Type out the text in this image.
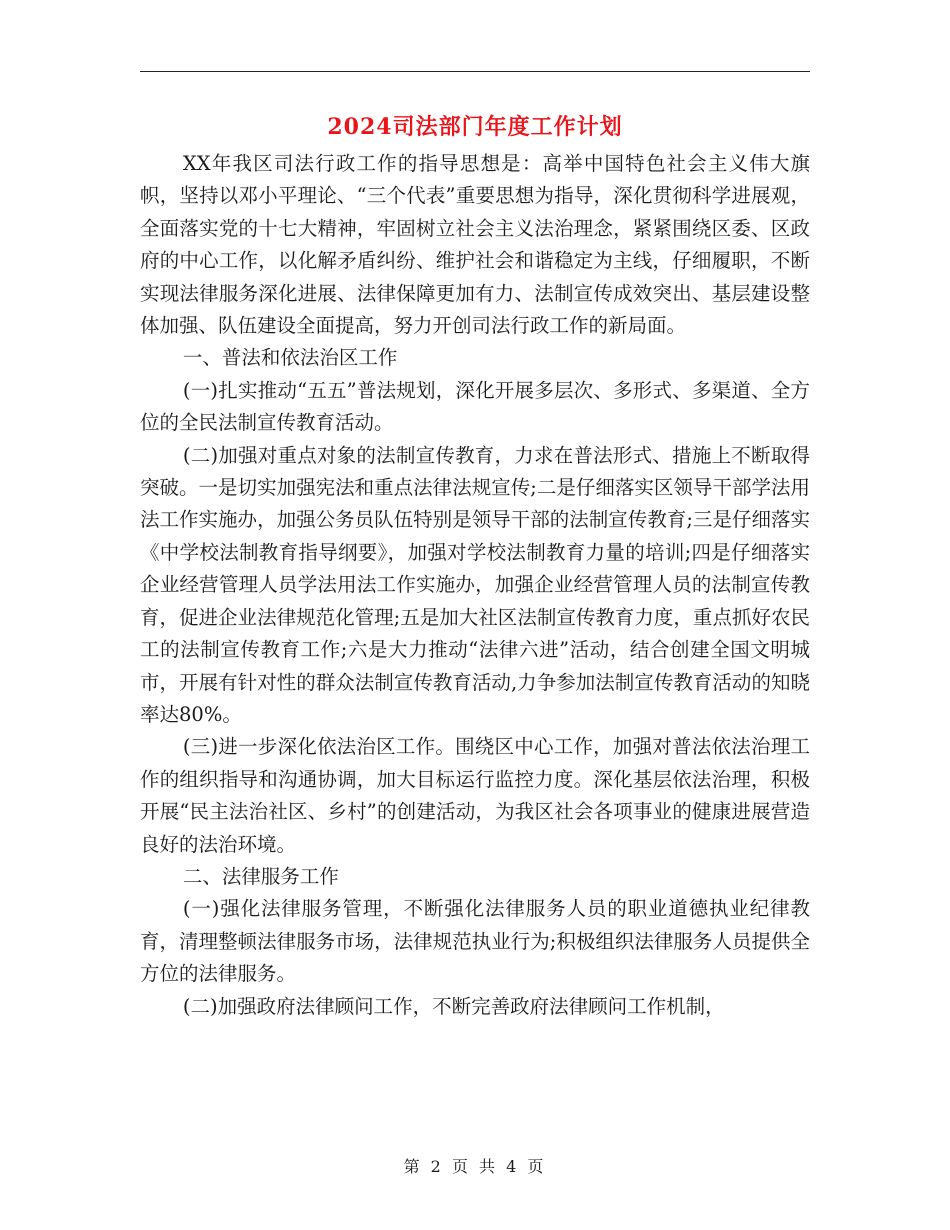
2024司法部门年度工作计划

XX年我区司法行政工作的指导思想是：高举中国特色社会主义伟大旗帜，坚持以邓小平理论、“三个代表”重要思想为指导，深化贯彻科学进展观，全面落实党的十七大精神，牢固树立社会主义法治理念，紧紧围绕区委、区政府的中心工作，以化解矛盾纠纷、维护社会和谐稳定为主线，仔细履职，不断实现法律服务深化进展、法律保障更加有力、法制宣传成效突出、基层建设整体加强、队伍建设全面提高，努力开创司法行政工作的新局面。

一、普法和依法治区工作

(一)扎实推动“五五”普法规划，深化开展多层次、多形式、多渠道、全方位的全民法制宣传教育活动。

(二)加强对重点对象的法制宣传教育，力求在普法形式、措施上不断取得突破。一是切实加强宪法和重点法律法规宣传;二是仔细落实区领导干部学法用法工作实施办，加强公务员队伍特别是领导干部的法制宣传教育;三是仔细落实《中学校法制教育指导纲要》，加强对学校法制教育力量的培训;四是仔细落实企业经营管理人员学法用法工作实施办，加强企业经营管理人员的法制宣传教育，促进企业法律规范化管理;五是加大社区法制宣传教育力度，重点抓好农民工的法制宣传教育工作;六是大力推动“法律六进”活动，结合创建全国文明城市，开展有针对性的群众法制宣传教育活动,力争参加法制宣传教育活动的知晓率达80%。

(三)进一步深化依法治区工作。围绕区中心工作，加强对普法依法治理工作的组织指导和沟通协调，加大目标运行监控力度。深化基层依法治理，积极开展“民主法治社区、乡村”的创建活动，为我区社会各项事业的健康进展营造良好的法治环境。

二、法律服务工作

(一)强化法律服务管理，不断强化法律服务人员的职业道德执业纪律教育，清理整顿法律服务市场，法律规范执业行为;积极组织法律服务人员提供全方位的法律服务。

(二)加强政府法律顾问工作，不断完善政府法律顾问工作机制，

第 2 页 共 4 页
